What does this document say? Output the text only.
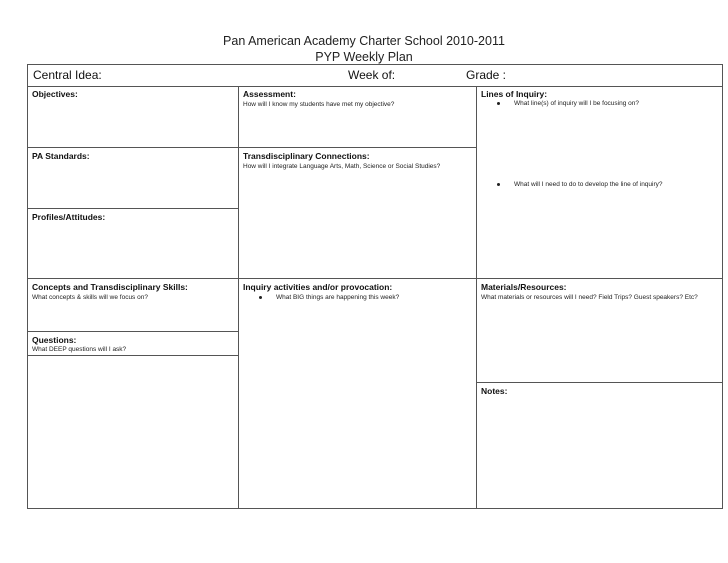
Pan American Academy Charter School 2010-2011
PYP Weekly Plan
Central Idea:	Week of:	Grade :
Objectives:	Assessment:
How will I know my students have met my objective?
Lines of Inquiry:
What line(s) of inquiry will I be focusing on?
What will I need to do to develop the line of inquiry?
PA Standards:	Transdisciplinary Connections:
How will I integrate Language Arts, Math, Science or Social Studies?
Profiles/Attitudes:
Concepts and Transdisciplinary Skills:
What concepts & skills will we focus on?
Inquiry activities and/or provocation:
What BIG things are happening this week?
Materials/Resources:
What materials or resources will I need? Field Trips? Guest speakers? Etc?
Questions:
What DEEP questions will I ask?
Notes:
